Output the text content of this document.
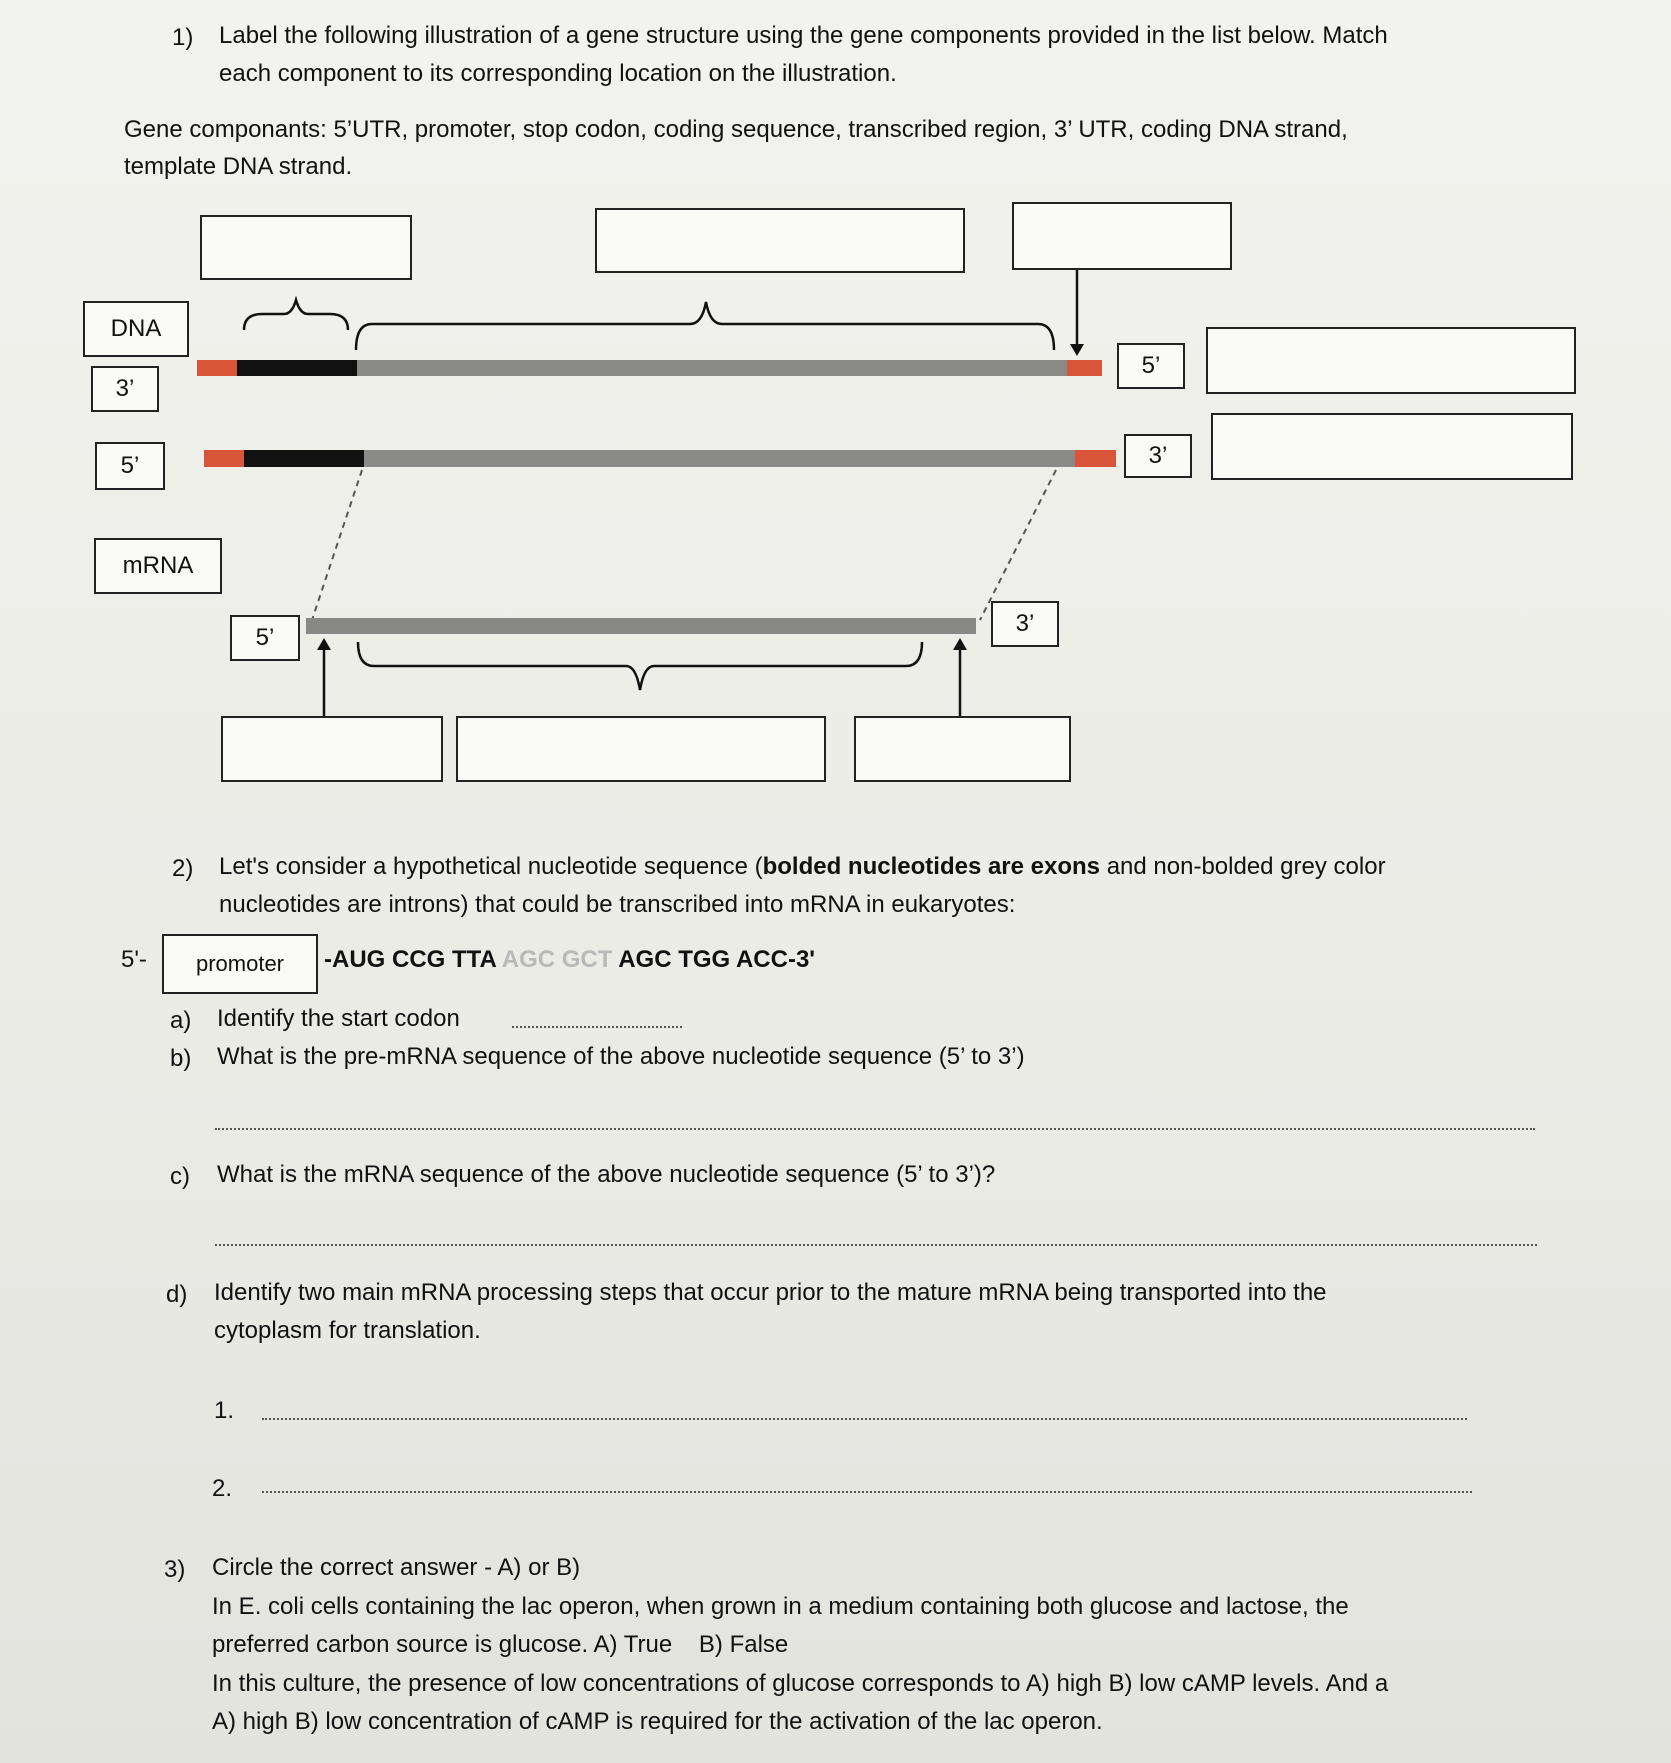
1) Label the following illustration of a gene structure using the gene components provided in the list below. Match
each component to its corresponding location on the illustration.
Gene componants: 5’UTR, promoter, stop codon, coding sequence, transcribed region, 3’ UTR, coding DNA strand,
template DNA strand.
DNA
3’
5’
mRNA
5’
3’
5’
3’
2) Let's consider a hypothetical nucleotide sequence (bolded nucleotides are exons and non-bolded grey color
nucleotides are introns) that could be transcribed into mRNA in eukaryotes:
5'-	promoter	-AUG CCG TTA AGC GCT AGC TGG ACC-3'
a) Identify the start codon
b) What is the pre-mRNA sequence of the above nucleotide sequence (5’ to 3’)
c) What is the mRNA sequence of the above nucleotide sequence (5’ to 3’)?
d) Identify two main mRNA processing steps that occur prior to the mature mRNA being transported into the
cytoplasm for translation.
1.
2.
3) Circle the correct answer - A) or B)
In E. coli cells containing the lac operon, when grown in a medium containing both glucose and lactose, the
preferred carbon source is glucose. A) True    B) False
In this culture, the presence of low concentrations of glucose corresponds to A) high B) low cAMP levels. And a
A) high B) low concentration of cAMP is required for the activation of the lac operon.
